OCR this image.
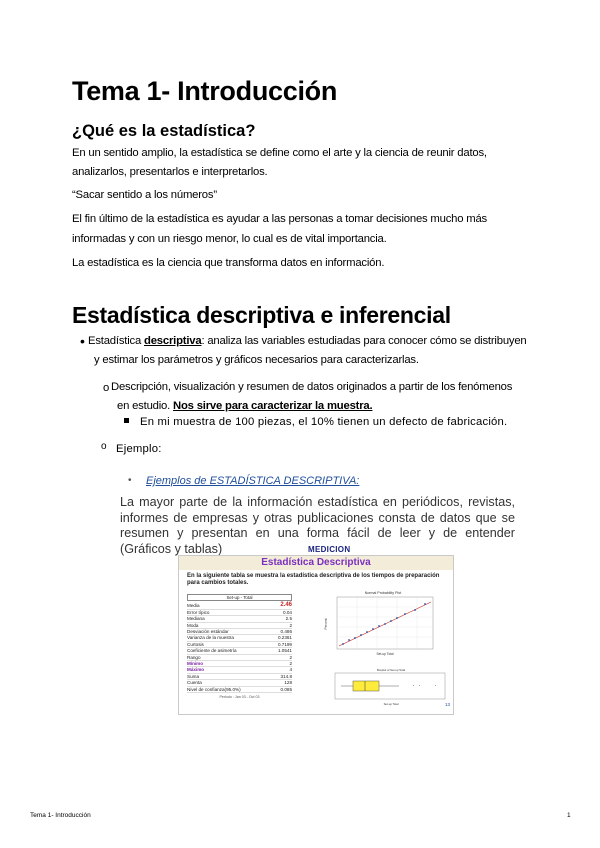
Tema 1- Introducción
¿Qué es la estadística?
En un sentido amplio, la estadística se define como el arte y la ciencia de reunir datos,
analizarlos, presentarlos e interpretarlos.
“Sacar sentido a los números”
El fin último de la estadística es ayudar a las personas a tomar decisiones mucho más
informadas y con un riesgo menor, lo cual es de vital importancia.
La estadística es la ciencia que transforma datos en información.
Estadística descriptiva e inferencial
• Estadística descriptiva: analiza las variables estudiadas para conocer cómo se distribuyen
y estimar los parámetros y gráficos necesarios para caracterizarlas.
o Descripción, visualización y resumen de datos originados a partir de los fenómenos
en estudio. Nos sirve para caracterizar la muestra.
En mi muestra de 100 piezas, el 10% tienen un defecto de fabricación.
o Ejemplo:
• Ejemplos de ESTADÍSTICA DESCRIPTIVA:
La mayor parte de la información estadística en periódicos, revistas, informes de empresas y otras publicaciones consta de datos que se resumen y presentan en una forma fácil de leer y de entender (Gráficos y tablas)	MEDICION
Estadística Descriptiva
En la siguiente tabla se muestra la estadística descriptiva de los tiempos de preparación para cambios totales.
Set-up - Total
Media	2.46
Error típico	0.04
Mediana	2.5
Moda	2
Desviación estándar	0.486
Varianza de la muestra	0.2361
Curtosis	0.7199
Coeficiente de asimetría	1.0541
Rango	2
Mínimo	2
Máximo	4
Suma	314.8
Cuenta	128
Nivel de confianza(95.0%)	0.085
Periodo : Jan 03 - Oct 03
Normal Probability Plot
Set-up Total
Percent
Boxplot of Set-up Total
* *	*
Set-up Total	13
Tema 1- Introducción	1
